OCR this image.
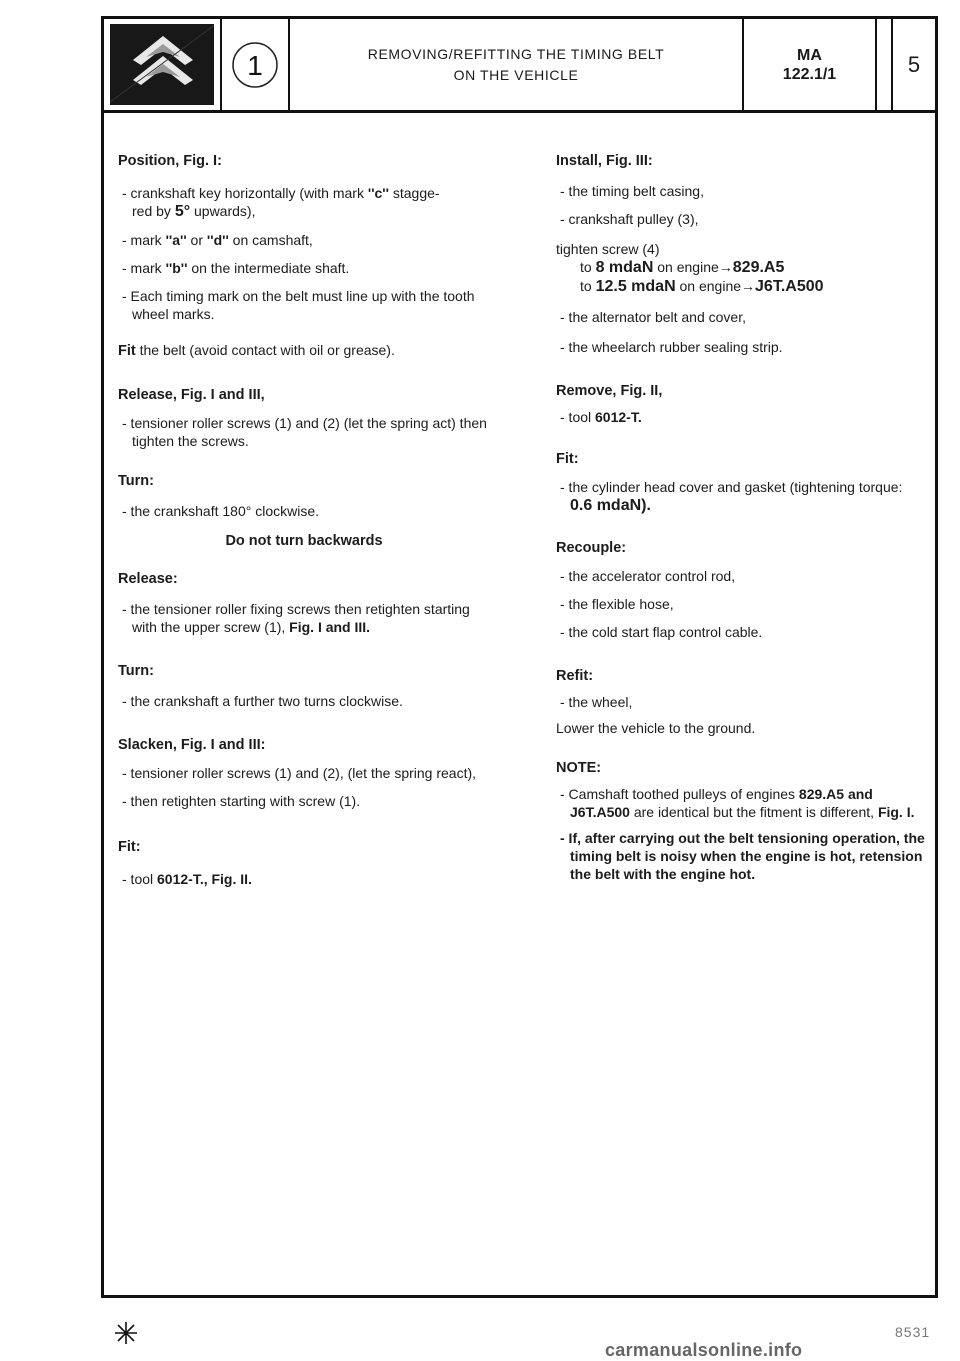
1	REMOVING/REFITTING THE TIMING BELT
ON THE VEHICLE
MA
122.1/1	5

Position, Fig. I:

- crankshaft key horizontally (with mark ''c'' stagge-
red by 5° upwards),

- mark ''a'' or ''d'' on camshaft,

- mark ''b'' on the intermediate shaft.

- Each timing mark on the belt must line up with the tooth wheel marks.

Fit the belt (avoid contact with oil or grease).

Release, Fig. I and III,

- tensioner roller screws (1) and (2) (let the spring act) then tighten the screws.

Turn:

- the crankshaft 180° clockwise.

Do not turn backwards

Release:

- the tensioner roller fixing screws then retighten starting with the upper screw (1), Fig. I and III.

Turn:

- the crankshaft a further two turns clockwise.

Slacken, Fig. I and III:

- tensioner roller screws (1) and (2), (let the spring react),

- then retighten starting with screw (1).

Fit:

- tool 6012-T., Fig. II.

Install, Fig. III:

- the timing belt casing,

- crankshaft pulley (3),

tighten screw (4)

to 8 mdaN on engine→829.A5

to 12.5 mdaN on engine→J6T.A500

- the alternator belt and cover,

- the wheelarch rubber sealing strip.

Remove, Fig. II,

- tool 6012-T.

Fit:

- the cylinder head cover and gasket (tightening torque: 0.6 mdaN).

Recouple:

- the accelerator control rod,

- the flexible hose,

- the cold start flap control cable.

Refit:

- the wheel,

Lower the vehicle to the ground.

NOTE:

- Camshaft toothed pulleys of engines 829.A5 and J6T.A500 are identical but the fitment is different, Fig. I.

- If, after carrying out the belt tensioning operation, the timing belt is noisy when the engine is hot, retension the belt with the engine hot.

8531
carmanualsonline.info
